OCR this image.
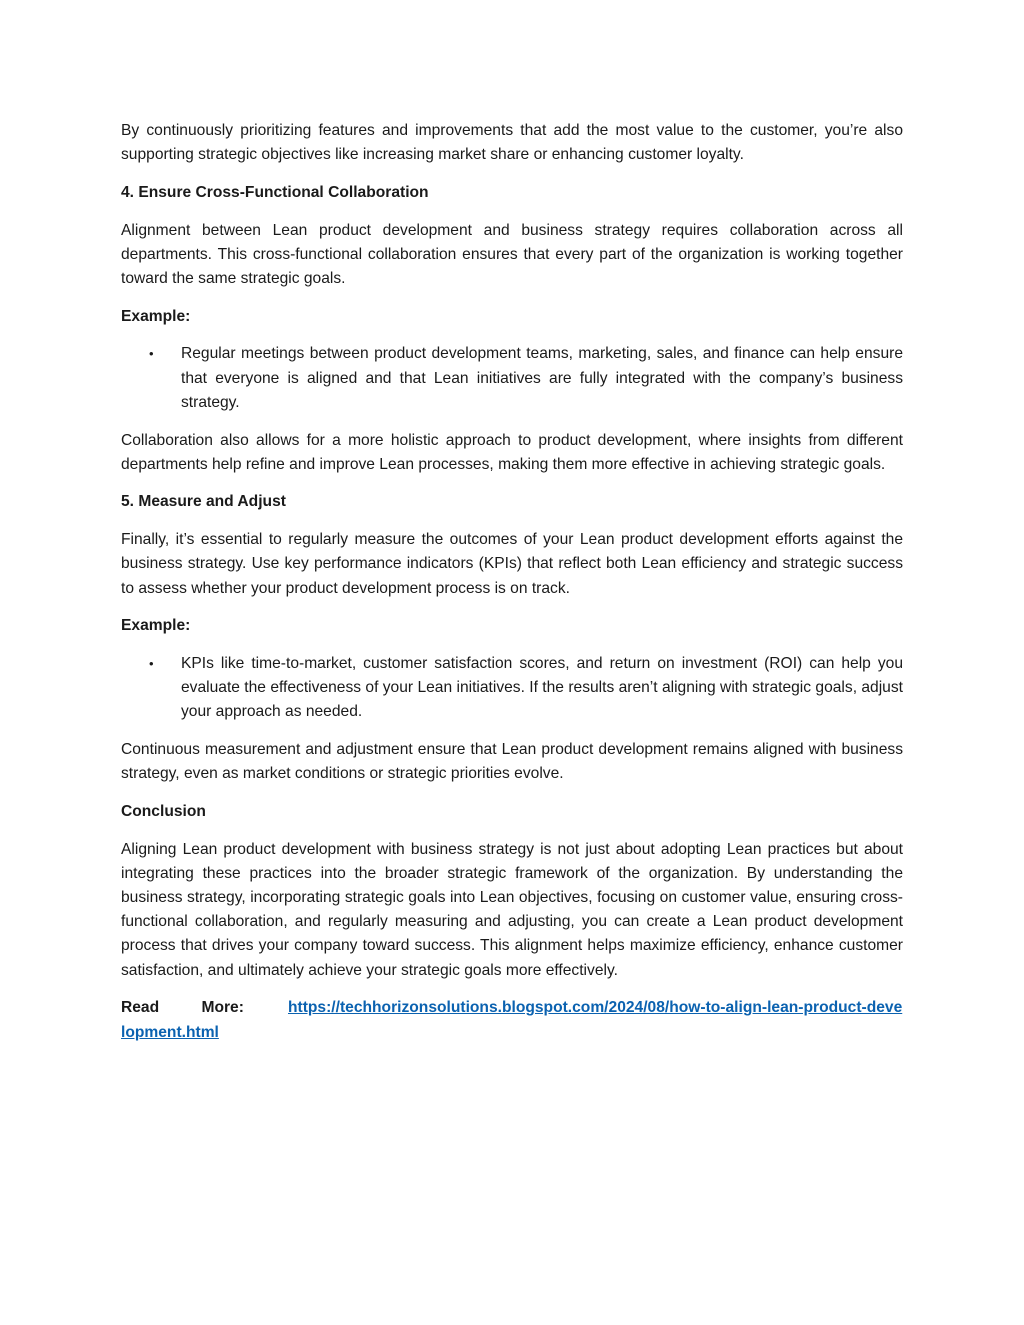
By continuously prioritizing features and improvements that add the most value to the customer, you’re also supporting strategic objectives like increasing market share or enhancing customer loyalty.

4. Ensure Cross-Functional Collaboration

Alignment between Lean product development and business strategy requires collaboration across all departments. This cross-functional collaboration ensures that every part of the organization is working together toward the same strategic goals.

Example:

• Regular meetings between product development teams, marketing, sales, and finance can help ensure that everyone is aligned and that Lean initiatives are fully integrated with the company’s business strategy.

Collaboration also allows for a more holistic approach to product development, where insights from different departments help refine and improve Lean processes, making them more effective in achieving strategic goals.

5. Measure and Adjust

Finally, it’s essential to regularly measure the outcomes of your Lean product development efforts against the business strategy. Use key performance indicators (KPIs) that reflect both Lean efficiency and strategic success to assess whether your product development process is on track.

Example:

• KPIs like time-to-market, customer satisfaction scores, and return on investment (ROI) can help you evaluate the effectiveness of your Lean initiatives. If the results aren’t aligning with strategic goals, adjust your approach as needed.

Continuous measurement and adjustment ensure that Lean product development remains aligned with business strategy, even as market conditions or strategic priorities evolve.

Conclusion

Aligning Lean product development with business strategy is not just about adopting Lean practices but about integrating these practices into the broader strategic framework of the organization. By understanding the business strategy, incorporating strategic goals into Lean objectives, focusing on customer value, ensuring cross-functional collaboration, and regularly measuring and adjusting, you can create a Lean product development process that drives your company toward success. This alignment helps maximize efficiency, enhance customer satisfaction, and ultimately achieve your strategic goals more effectively.

Read More:	https://techhorizonsolutions.blogspot.com/2024/08/how-to-align-lean-product-development.html
